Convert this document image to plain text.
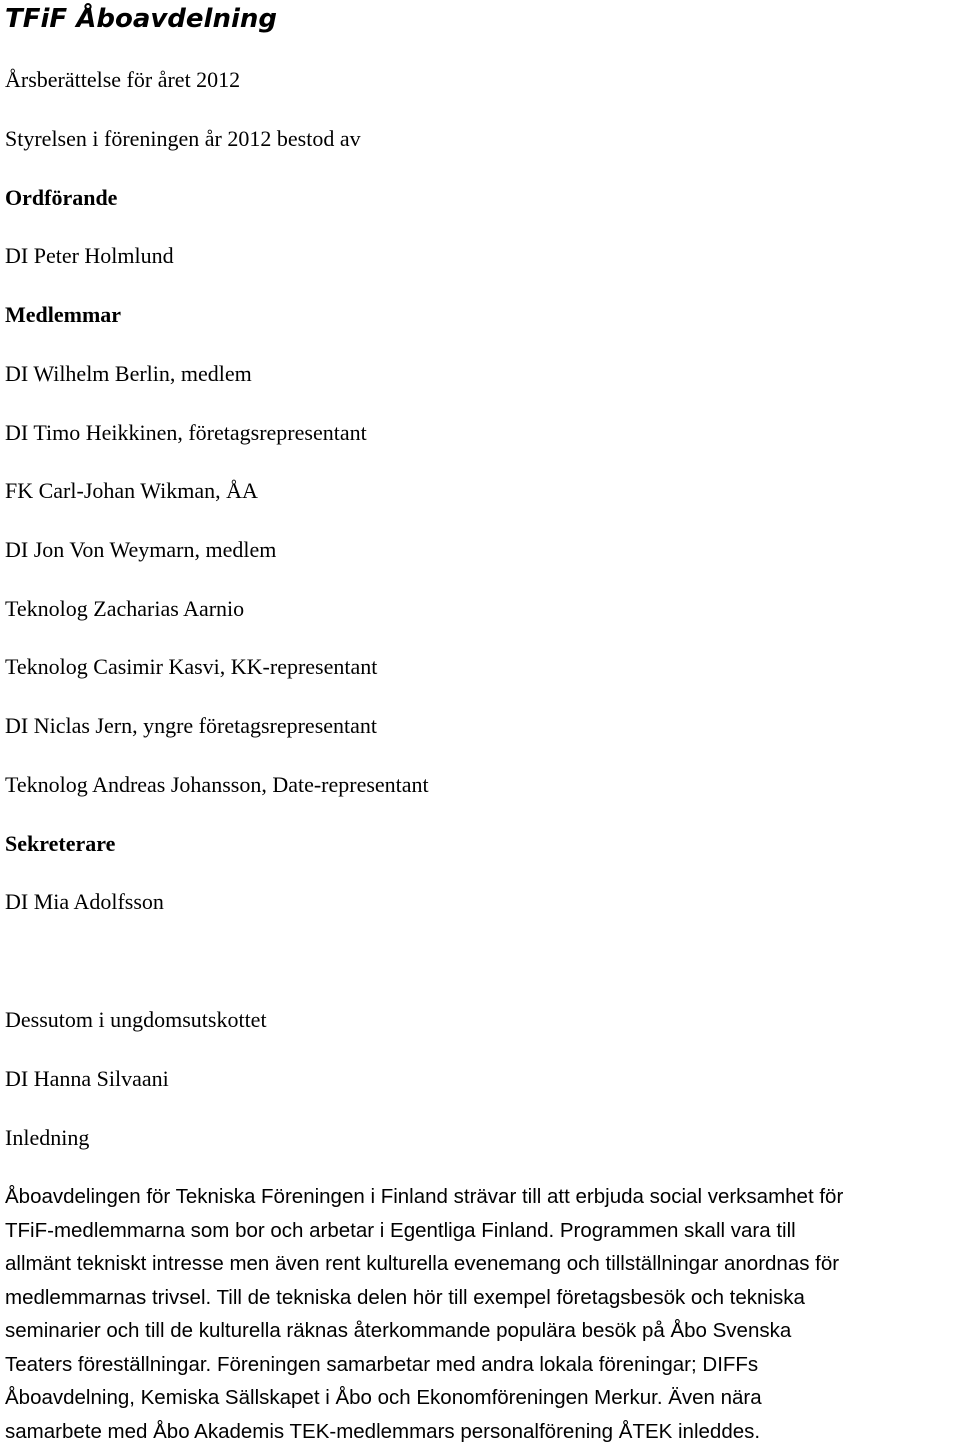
TFiF Åboavdelning

Årsberättelse för året 2012

Styrelsen i föreningen år 2012 bestod av

Ordförande

DI Peter Holmlund

Medlemmar

DI Wilhelm Berlin, medlem

DI Timo Heikkinen, företagsrepresentant

FK Carl-Johan Wikman, ÅA

DI Jon Von Weymarn, medlem

Teknolog Zacharias Aarnio

Teknolog Casimir Kasvi, KK-representant

DI Niclas Jern, yngre företagsrepresentant

Teknolog Andreas Johansson, Date-representant

Sekreterare

DI Mia Adolfsson

Dessutom i ungdomsutskottet

DI Hanna Silvaani

Inledning

Åboavdelingen för Tekniska Föreningen i Finland strävar till att erbjuda social verksamhet för
TFiF-medlemmarna som bor och arbetar i Egentliga Finland. Programmen skall vara till
allmänt tekniskt intresse men även rent kulturella evenemang och tillställningar anordnas för
medlemmarnas trivsel. Till de tekniska delen hör till exempel företagsbesök och tekniska
seminarier och till de kulturella räknas återkommande populära besök på Åbo Svenska
Teaters föreställningar. Föreningen samarbetar med andra lokala föreningar; DIFFs
Åboavdelning, Kemiska Sällskapet i Åbo och Ekonomföreningen Merkur. Även nära
samarbete med Åbo Akademis TEK-medlemmars personalförening ÅTEK inleddes.
